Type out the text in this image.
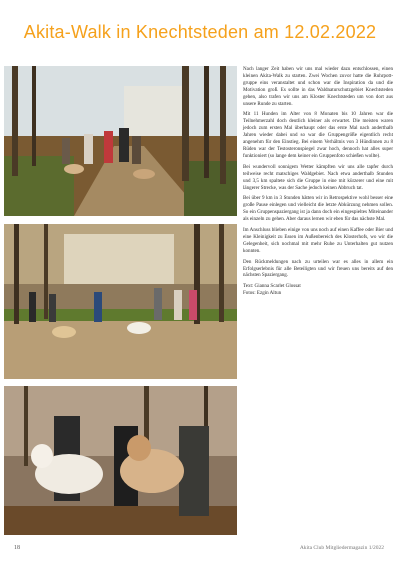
Akita-Walk in Knechtsteden am 12.02.2022

Nach langer Zeit haben wir uns mal wieder dazu entschlossen, einen kleinen Akita-Walk zu starten. Zwei Wochen zuvor hatte die Ruhrpott-gruppe eins veranstaltet und schon war die Inspiration da und die Motivation groß. Es sollte in das Waldnaturschutzgebiet Knechtsteden gehen, also trafen wir uns am Kloster Knechtsteden um von dort aus unsere Runde zu starten.

Mit 11 Hunden im Alter von 8 Monaten bis 10 Jahren war die Teilnehmerzahl doch deutlich kleiner als erwartet. Die meisten waren jedoch zum ersten Mal überhaupt oder das erste Mal nach anderthalb Jahren wieder dabei und so war die Gruppengröße eigentlich recht angenehm für den Einstieg. Bei einem Verhältnis von 3 Hündinnen zu 8 Rüden war der Testosteronspiegel zwar hoch, dennoch hat alles super funktioniert (so lange dem keiner ein Gruppenfoto schießen wollte).

Bei wundervoll sonnigem Wetter kämpften wir uns alle tapfer durch teilweise recht matschiges Waldgebiet. Nach etwa anderthalb Stunden und 3,5 km spaltete sich die Gruppe in eine mit kürzerer und eine mit längerer Strecke, was der Sache jedoch keinen Abbruch tat.

Bei über 9 km in 3 Stunden hätten wir in Retrospektive wohl besser eine große Pause einlegen und vielleicht die letzte Abkürzung nehmen sollen. So ein Gruppenspaziergang ist ja dann doch ein eingespieltes Miteinander als einzeln zu gehen. Aber daraus lernen wir eben für das nächste Mal.

Im Anschluss blieben einige von uns noch auf einen Kaffee oder Bier und eine Kleinigkeit zu Essen im Außenbereich des Klosterhofs, wo wir die Gelegenheit, sich nochmal mit mehr Ruhe zu Unterhalten gut nutzen konnten.

Den Rückmeldungen nach zu urteilen war es alles in allem ein Erfolgserlebnis für alle Beteiligten und wir freuen uns bereits auf den nächsten Spaziergang.

Text: Gianna Scarlet Glossat
Fotos: Ezgin Altun
18	Akita Club Mitgliedermagazin 1/2022
